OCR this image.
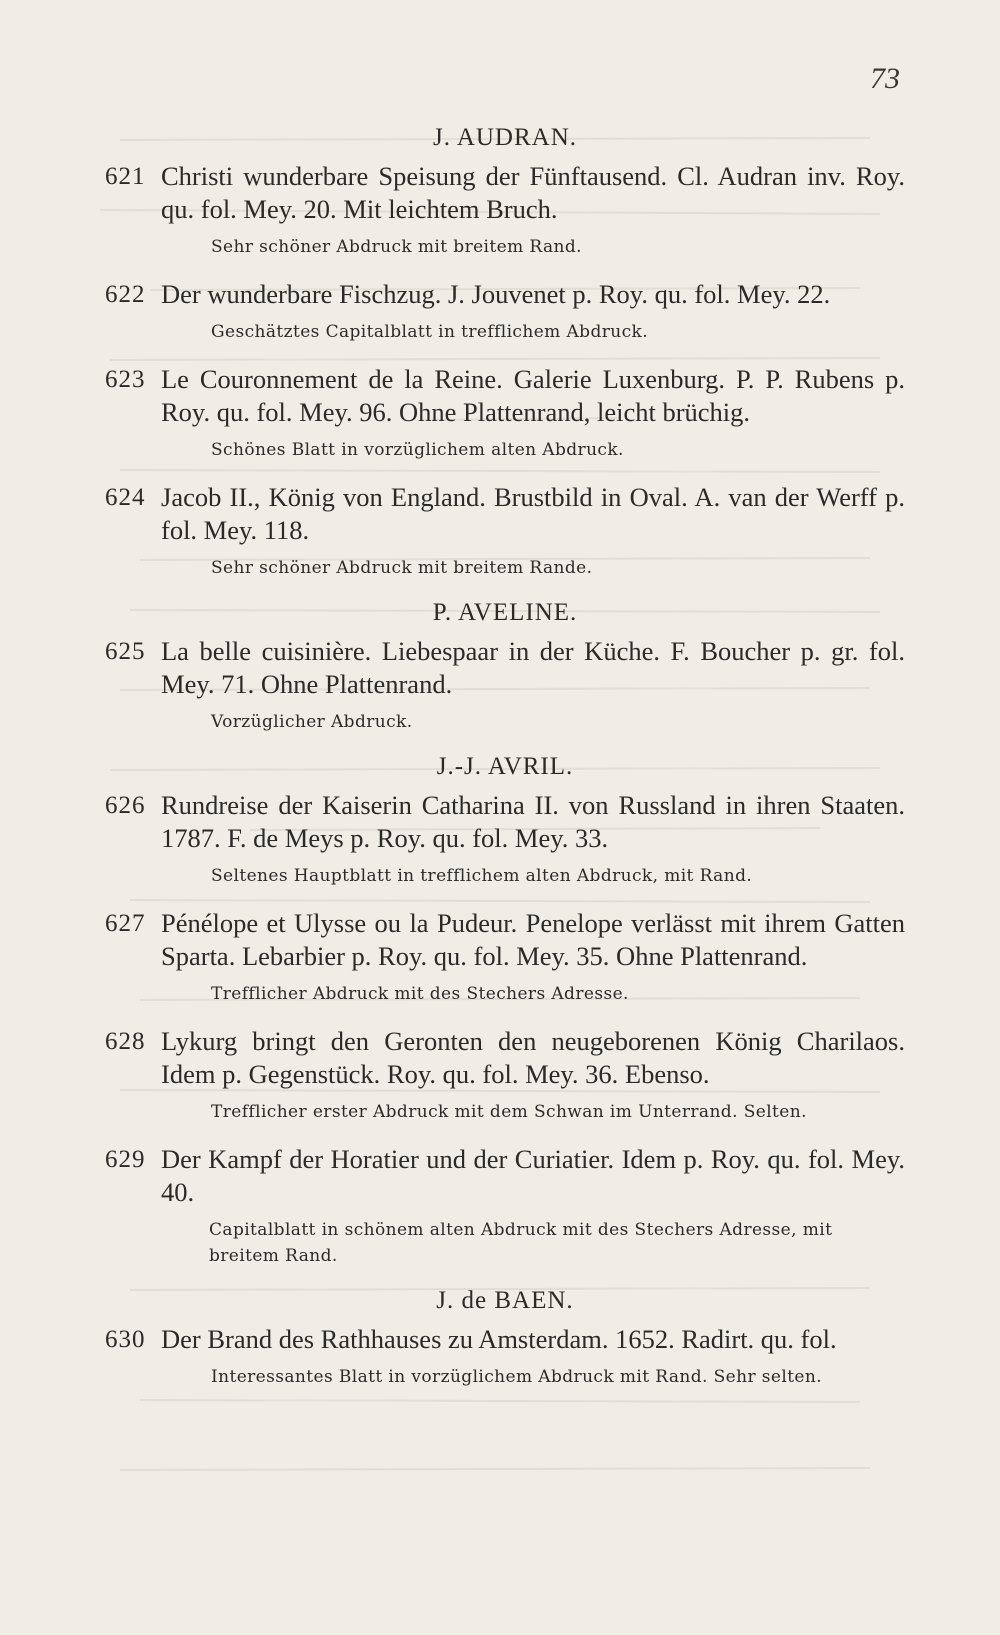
73
J. AUDRAN.
621 Christi wunderbare Speisung der Fünftausend. Cl. Audran inv. Roy. qu. fol. Mey. 20. Mit leichtem Bruch.
Sehr schöner Abdruck mit breitem Rand.
622 Der wunderbare Fischzug. J. Jouvenet p. Roy. qu. fol. Mey. 22.
Geschätztes Capitalblatt in trefflichem Abdruck.
623 Le Couronnement de la Reine. Galerie Luxenburg. P. P. Rubens p. Roy. qu. fol. Mey. 96. Ohne Plattenrand, leicht brüchig.
Schönes Blatt in vorzüglichem alten Abdruck.
624 Jacob II., König von England. Brustbild in Oval. A. van der Werff p. fol. Mey. 118.
Sehr schöner Abdruck mit breitem Rande.
P. AVELINE.
625 La belle cuisinière. Liebespaar in der Küche. F. Boucher p. gr. fol. Mey. 71. Ohne Plattenrand.
Vorzüglicher Abdruck.
J.-J. AVRIL.
626 Rundreise der Kaiserin Catharina II. von Russland in ihren Staaten. 1787. F. de Meys p. Roy. qu. fol. Mey. 33.
Seltenes Hauptblatt in trefflichem alten Abdruck, mit Rand.
627 Pénélope et Ulysse ou la Pudeur. Penelope verlässt mit ihrem Gatten Sparta. Lebarbier p. Roy. qu. fol. Mey. 35. Ohne Plattenrand.
Trefflicher Abdruck mit des Stechers Adresse.
628 Lykurg bringt den Geronten den neugeborenen König Charilaos. Idem p. Gegenstück. Roy. qu. fol. Mey. 36. Ebenso.
Trefflicher erster Abdruck mit dem Schwan im Unterrand. Selten.
629 Der Kampf der Horatier und der Curiatier. Idem p. Roy. qu. fol. Mey. 40.
Capitalblatt in schönem alten Abdruck mit des Stechers Adresse, mit breitem Rand.
J. de BAEN.
630 Der Brand des Rathhauses zu Amsterdam. 1652. Radirt. qu. fol.
Interessantes Blatt in vorzüglichem Abdruck mit Rand. Sehr selten.
